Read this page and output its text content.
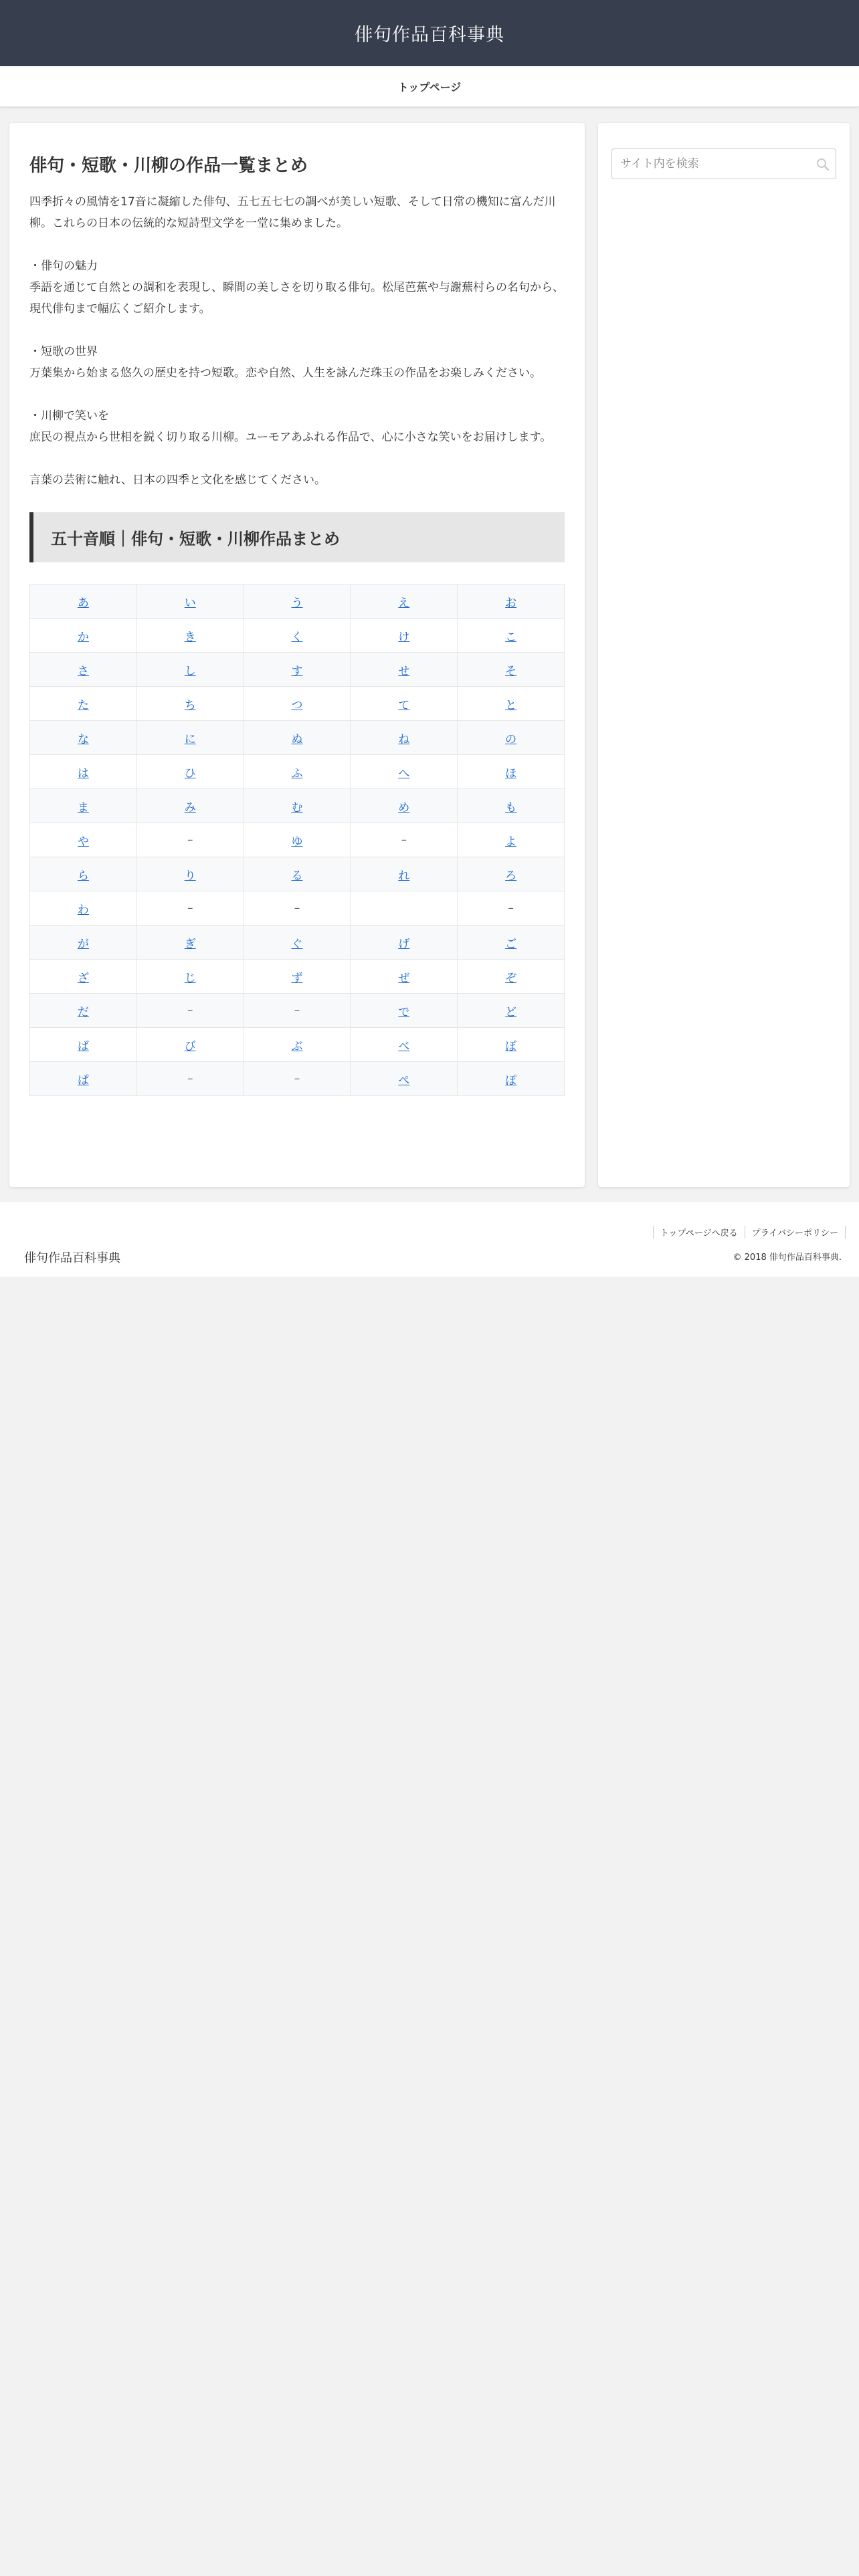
俳句作品百科事典
トップページ
俳句・短歌・川柳の作品一覧まとめ

四季折々の風情を17音に凝縮した俳句、五七五七七の調べが美しい短歌、そして日常の機知に富んだ川柳。これらの日本の伝統的な短詩型文学を一堂に集めました。

・俳句の魅力
季語を通じて自然との調和を表現し、瞬間の美しさを切り取る俳句。松尾芭蕉や与謝蕪村らの名句から、現代俳句まで幅広くご紹介します。

・短歌の世界
万葉集から始まる悠久の歴史を持つ短歌。恋や自然、人生を詠んだ珠玉の作品をお楽しみください。

・川柳で笑いを
庶民の視点から世相を鋭く切り取る川柳。ユーモアあふれる作品で、心に小さな笑いをお届けします。

言葉の芸術に触れ、日本の四季と文化を感じてください。

五十音順｜俳句・短歌・川柳作品まとめ
あ	い	う	え	お
か	き	く	け	こ
さ	し	す	せ	そ
た	ち	つ	て	と
な	に	ぬ	ね	の
は	ひ	ふ	へ	ほ
ま	み	む	め	も
や	–	ゆ	–	よ
ら	り	る	れ	ろ
わ	–	–		–
が	ぎ	ぐ	げ	ご
ざ	じ	ず	ぜ	ぞ
だ	–	–	で	ど
ば	び	ぶ	べ	ぼ
ぱ	–	–	ぺ	ぽ
サイト内を検索
トップページへ戻る	プライバシーポリシー
俳句作品百科事典	© 2018 俳句作品百科事典.
